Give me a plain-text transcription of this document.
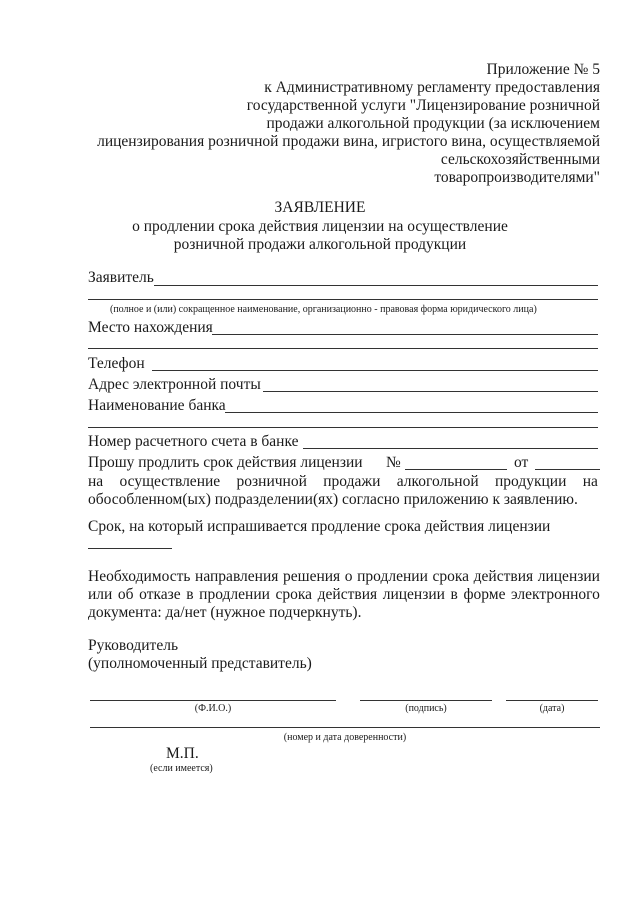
Приложение № 5
к Административному регламенту предоставления
государственной услуги "Лицензирование розничной
продажи алкогольной продукции (за исключением
лицензирования розничной продажи вина, игристого вина, осуществляемой
сельскохозяйственными
товаропроизводителями"
ЗАЯВЛЕНИЕ
о продлении срока действия лицензии на осуществление
розничной продажи алкогольной продукции
Заявитель
(полное и (или) сокращенное наименование, организационно - правовая форма юридического лица)
Место нахождения
Телефон
Адрес электронной почты
Наименование банка
Номер расчетного счета в банке
Прошу продлить срок действия лицензии №	от
на осуществление розничной продажи алкогольной продукции на
обособленном(ых) подразделении(ях) согласно приложению к заявлению.
Срок, на который испрашивается продление срока действия лицензии
Необходимость направления решения о продлении срока действия лицензии
или об отказе в продлении срока действия лицензии в форме электронного
документа: да/нет (нужное подчеркнуть).
Руководитель
(уполномоченный представитель)
(Ф.И.О.)	(подпись)	(дата)
(номер и дата доверенности)
М.П.
(если имеется)
